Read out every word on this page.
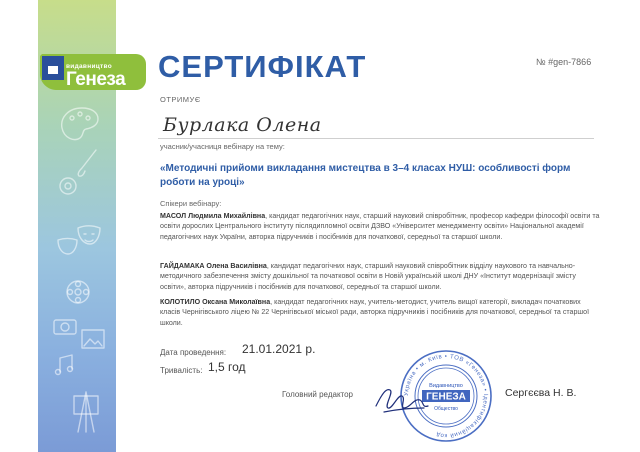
видавництво
Генеза СЕРТИФІКАТ	№ #gen-7866
ОТРИМУЄ
Бурлака Олена
учасник/учасниця вебінару на тему:
«Методичні прийоми викладання мистецтва в 3–4 класах НУШ: особливості форм роботи на уроці»
Спікери вебінару:
МАСОЛ Людмила Михайлівна, кандидат педагогічних наук, старший науковий співробітник, професор кафедри філософії освіти та освіти дорослих Центрального інституту післядипломної освіти ДЗВО «Університет менеджменту освіти» Національної академії педагогічних наук України, авторка підручників і посібників для початкової, середньої та старшої школи.
ГАЙДАМАКА Олена Василівна, кандидат педагогічних наук, старший науковий співробітник відділу наукового та навчально-методичного забезпечення змісту дошкільної та початкової освіти в Новій українській школі ДНУ «Інститут модернізації змісту освіти», авторка підручників і посібників для початкової, середньої та старшої школи.
КОЛОТИЛО Оксана Миколаївна, кандидат педагогічних наук, учитель-методист, учитель вищої категорії, викладач початкових класів Чернігівського ліцею № 22 Чернігівської міської ради, авторка підручників і посібників для початкової, середньої та старшої школи.
Дата проведення: 21.01.2021 р.
Тривалість: 1,5 год
Головний редактор	Україна • м. Київ • ТОВ «Генеза» • Ідентифікаційний код
Видавництво
ГЕНЕЗА
Общество
Сергєєва Н. В.
